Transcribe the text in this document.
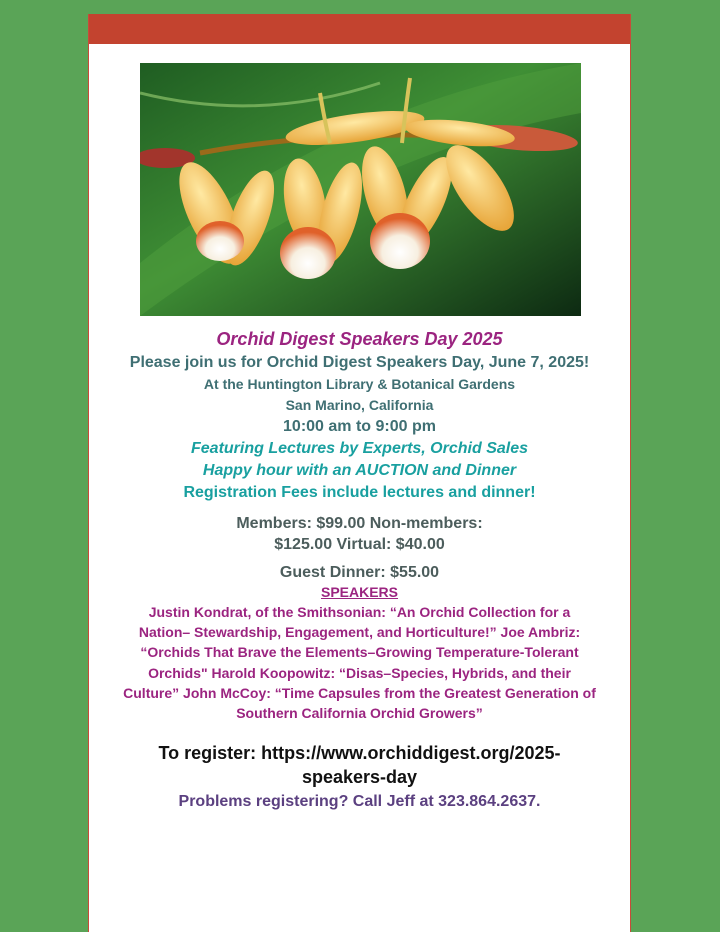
Orchid Digest Speakers Day 2025
Please join us for Orchid Digest Speakers Day, June 7, 2025!
At the Huntington Library & Botanical Gardens
San Marino, California
10:00 am to 9:00 pm
Featuring Lectures by Experts, Orchid Sales
Happy hour with an AUCTION and Dinner
Registration Fees include lectures and dinner!
Members: $99.00 Non-members: $125.00 Virtual: $40.00
Guest Dinner: $55.00
SPEAKERS
Justin Kondrat, of the Smithsonian: “An Orchid Collection for a Nation– Stewardship, Engagement, and Horticulture!” Joe Ambriz: “Orchids That Brave the Elements–Growing Temperature-Tolerant Orchids" Harold Koopowitz: “Disas–Species, Hybrids, and their Culture” John McCoy: “Time Capsules from the Greatest Generation of Southern California Orchid Growers”
To register: https://www.orchiddigest.org/2025-speakers-day
Problems registering? Call Jeff at 323.864.2637.
